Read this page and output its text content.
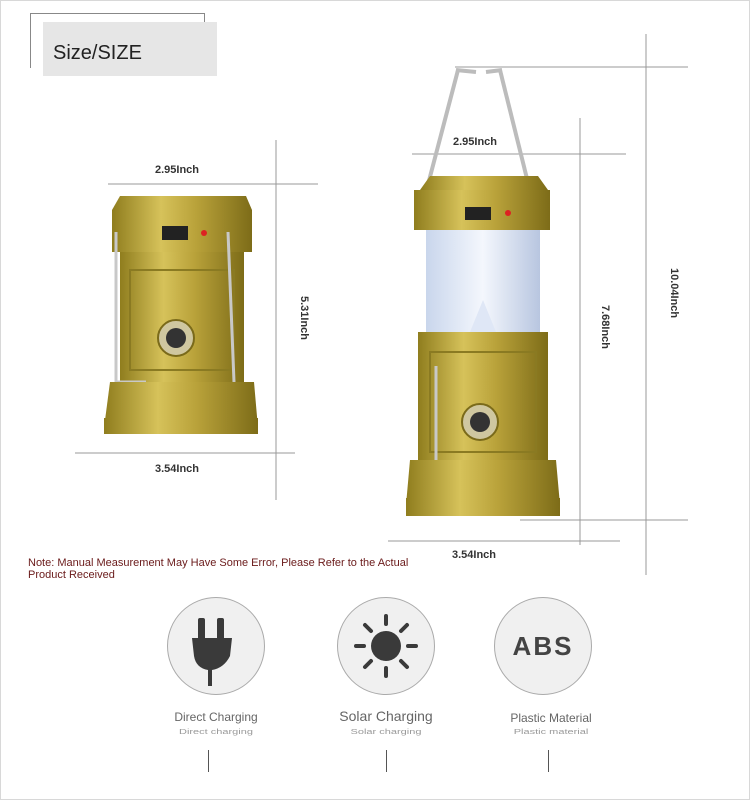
Size/SIZE
2.95Inch
5.31Inch
3.54Inch
2.95Inch
7.68Inch
10.04Inch
3.54Inch
Note: Manual Measurement May Have Some Error, Please Refer to the Actual Product Received
Direct Charging
Direct charging
Solar Charging
Solar charging
ABS
Plastic Material
Plastic material
